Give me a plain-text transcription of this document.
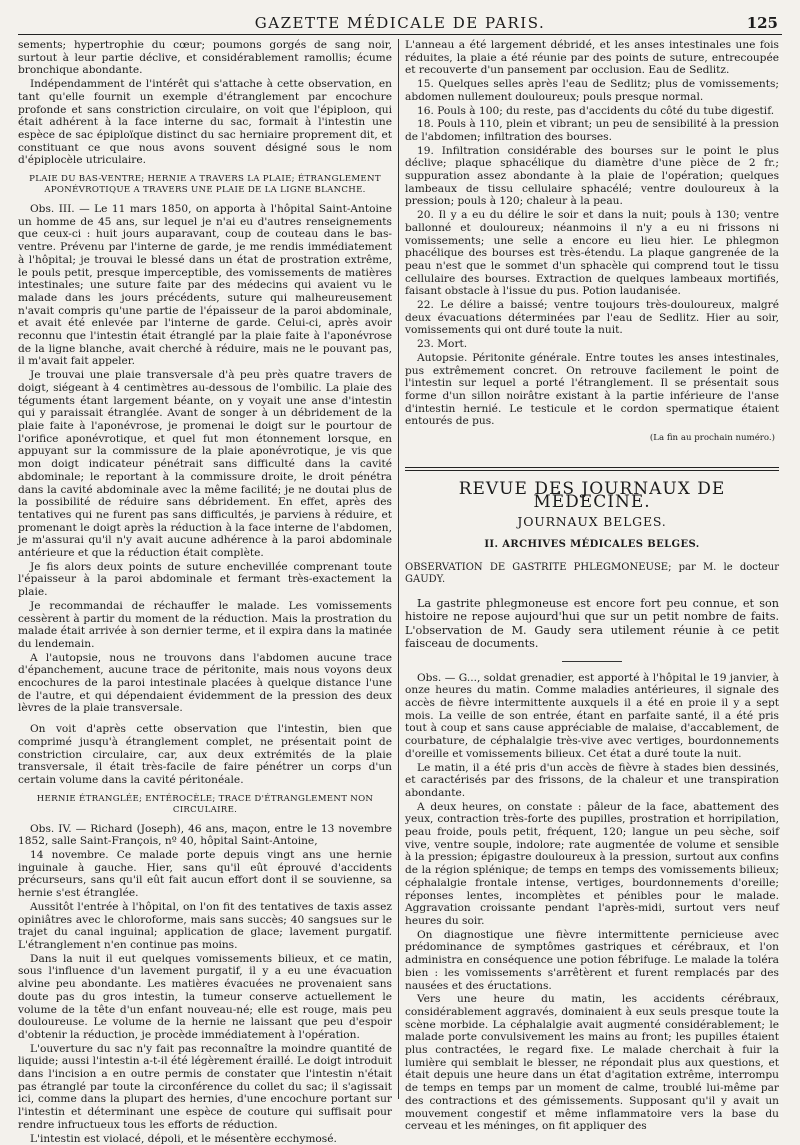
GAZETTE MÉDICALE DE PARIS.	125

sements; hypertrophie du cœur; poumons gorgés de sang noir, surtout à leur partie déclive, et considérablement ramollis; écume bronchique abondante.

Indépendamment de l'intérêt qui s'attache à cette observation, en tant qu'elle fournit un exemple d'étranglement par encochure profonde et sans constriction circulaire, on voit que l'épiploon, qui était adhérent à la face interne du sac, formait à l'intestin une espèce de sac épiploïque distinct du sac herniaire proprement dit, et constituant ce que nous avons souvent désigné sous le nom d'épiplocèle utriculaire.

PLAIE DU BAS-VENTRE; HERNIE A TRAVERS LA PLAIE; ÉTRANGLEMENT APONÉVROTIQUE A TRAVERS UNE PLAIE DE LA LIGNE BLANCHE.

Obs. III. — Le 11 mars 1850, on apporta à l'hôpital Saint-Antoine un homme de 45 ans, sur lequel je n'ai eu d'autres renseignements que ceux-ci : huit jours auparavant, coup de couteau dans le bas-ventre. Prévenu par l'interne de garde, je me rendis immédiatement à l'hôpital; je trouvai le blessé dans un état de prostration extrême, le pouls petit, presque imperceptible, des vomissements de matières intestinales; une suture faite par des médecins qui avaient vu le malade dans les jours précédents, suture qui malheureusement n'avait compris qu'une partie de l'épaisseur de la paroi abdominale, et avait été enlevée par l'interne de garde. Celui-ci, après avoir reconnu que l'intestin était étranglé par la plaie faite à l'aponévrose de la ligne blanche, avait cherché à réduire, mais ne le pouvant pas, il m'avait fait appeler.

Je trouvai une plaie transversale d'à peu près quatre travers de doigt, siégeant à 4 centimètres au-dessous de l'ombilic. La plaie des téguments étant largement béante, on y voyait une anse d'intestin qui y paraissait étranglée. Avant de songer à un débridement de la plaie faite à l'aponévrose, je promenai le doigt sur le pourtour de l'orifice aponévrotique, et quel fut mon étonnement lorsque, en appuyant sur la commissure de la plaie aponévrotique, je vis que mon doigt indicateur pénétrait sans difficulté dans la cavité abdominale; le reportant à la commissure droite, le droit pénétra dans la cavité abdominale avec la même facilité; je ne doutai plus de la possibilité de réduire sans débridement. En effet, après des tentatives qui ne furent pas sans difficultés, je parviens à réduire, et promenant le doigt après la réduction à la face interne de l'abdomen, je m'assurai qu'il n'y avait aucune adhérence à la paroi abdominale antérieure et que la réduction était complète.

Je fis alors deux points de suture enchevillée comprenant toute l'épaisseur à la paroi abdominale et fermant très-exactement la plaie.

Je recommandai de réchauffer le malade. Les vomissements cessèrent à partir du moment de la réduction. Mais la prostration du malade était arrivée à son dernier terme, et il expira dans la matinée du lendemain.

A l'autopsie, nous ne trouvons dans l'abdomen aucune trace d'épanchement, aucune trace de péritonite, mais nous voyons deux encochures de la paroi intestinale placées à quelque distance l'une de l'autre, et qui dépendaient évidemment de la pression des deux lèvres de la plaie transversale.

On voit d'après cette observation que l'intestin, bien que comprimé jusqu'à étranglement complet, ne présentait point de constriction circulaire, car, aux deux extrémités de la plaie transversale, il était très-facile de faire pénétrer un corps d'un certain volume dans la cavité péritonéale.

HERNIE ÉTRANGLÉE; ENTÉROCÈLE; TRACE D'ÉTRANGLEMENT NON CIRCULAIRE.

Obs. IV. — Richard (Joseph), 46 ans, maçon, entre le 13 novembre 1852, salle Saint-François, nº 40, hôpital Saint-Antoine,

14 novembre. Ce malade porte depuis vingt ans une hernie inguinale à gauche. Hier, sans qu'il eût éprouvé d'accidents précurseurs, sans qu'il eût fait aucun effort dont il se souvienne, sa hernie s'est étranglée.

Aussitôt l'entrée à l'hôpital, on l'on fit des tentatives de taxis assez opiniâtres avec le chloroforme, mais sans succès; 40 sangsues sur le trajet du canal inguinal; application de glace; lavement purgatif. L'étranglement n'en continue pas moins.

Dans la nuit il eut quelques vomissements bilieux, et ce matin, sous l'influence d'un lavement purgatif, il y a eu une évacuation alvine peu abondante. Les matières évacuées ne provenaient sans doute pas du gros intestin, la tumeur conserve actuellement le volume de la tête d'un enfant nouveau-né; elle est rouge, mais peu douloureuse. Le volume de la hernie ne laissant que peu d'espoir d'obtenir la réduction, je procède immédiatement à l'opération.

L'ouverture du sac n'y fait pas reconnaître la moindre quantité de liquide; aussi l'intestin a-t-il été légèrement éraillé. Le doigt introduit dans l'incision a en outre permis de constater que l'intestin n'était pas étranglé par toute la circonférence du collet du sac; il s'agissait ici, comme dans la plupart des hernies, d'une encochure portant sur l'intestin et déterminant une espèce de couture qui suffisait pour rendre infructueux tous les efforts de réduction.

L'intestin est violacé, dépoli, et le mésentère ecchymosé.

L'anneau a été largement débridé, et les anses intestinales une fois réduites, la plaie a été réunie par des points de suture, entrecoupée et recouverte d'un pansement par occlusion. Eau de Sedlitz.

15. Quelques selles après l'eau de Sedlitz; plus de vomissements; abdomen nullement douloureux; pouls presque normal.

16. Pouls à 100; du reste, pas d'accidents du côté du tube digestif.

18. Pouls à 110, plein et vibrant; un peu de sensibilité à la pression de l'abdomen; infiltration des bourses.

19. Infiltration considérable des bourses sur le point le plus déclive; plaque sphacélique du diamètre d'une pièce de 2 fr.; suppuration assez abondante à la plaie de l'opération; quelques lambeaux de tissu cellulaire sphacélé; ventre douloureux à la pression; pouls à 120; chaleur à la peau.

20. Il y a eu du délire le soir et dans la nuit; pouls à 130; ventre ballonné et douloureux; néanmoins il n'y a eu ni frissons ni vomissements; une selle a encore eu lieu hier. Le phlegmon phacélique des bourses est très-étendu. La plaque gangrenée de la peau n'est que le sommet d'un sphacèle qui comprend tout le tissu cellulaire des bourses. Extraction de quelques lambeaux mortifiés, faisant obstacle à l'issue du pus. Potion laudanisée.

22. Le délire a baissé; ventre toujours très-douloureux, malgré deux évacuations déterminées par l'eau de Sedlitz. Hier au soir, vomissements qui ont duré toute la nuit.

23. Mort.

Autopsie. Péritonite générale. Entre toutes les anses intestinales, pus extrêmement concret. On retrouve facilement le point de l'intestin sur lequel a porté l'étranglement. Il se présentait sous forme d'un sillon noirâtre existant à la partie inférieure de l'anse d'intestin hernié. Le testicule et le cordon spermatique étaient entourés de pus.

(La fin au prochain numéro.)
REVUE DES JOURNAUX DE MÉDECINE.
JOURNAUX BELGES.
II. ARCHIVES MÉDICALES BELGES.

OBSERVATION DE GASTRITE PHLEGMONEUSE; par M. le docteur GAUDY.

La gastrite phlegmoneuse est encore fort peu connue, et son histoire ne repose aujourd'hui que sur un petit nombre de faits. L'observation de M. Gaudy sera utilement réunie à ce petit faisceau de documents.

Obs. — G..., soldat grenadier, est apporté à l'hôpital le 19 janvier, à onze heures du matin. Comme maladies antérieures, il signale des accès de fièvre intermittente auxquels il a été en proie il y a sept mois. La veille de son entrée, étant en parfaite santé, il a été pris tout à coup et sans cause appréciable de malaise, d'accablement, de courbature, de céphalalgie très-vive avec vertiges, bourdonnements d'oreille et vomissements bilieux. Cet état a duré toute la nuit.

Le matin, il a été pris d'un accès de fièvre à stades bien dessinés, et caractérisés par des frissons, de la chaleur et une transpiration abondante.

A deux heures, on constate : pâleur de la face, abattement des yeux, contraction très-forte des pupilles, prostration et horripilation, peau froide, pouls petit, fréquent, 120; langue un peu sèche, soif vive, ventre souple, indolore; rate augmentée de volume et sensible à la pression; épigastre douloureux à la pression, surtout aux confins de la région splénique; de temps en temps des vomissements bilieux; céphalalgie frontale intense, vertiges, bourdonnements d'oreille; réponses lentes, incomplètes et pénibles pour le malade. Aggravation croissante pendant l'après-midi, surtout vers neuf heures du soir.

On diagnostique une fièvre intermittente pernicieuse avec prédominance de symptômes gastriques et cérébraux, et l'on administra en conséquence une potion fébrifuge. Le malade la toléra bien : les vomissements s'arrêtèrent et furent remplacés par des nausées et des éructations.

Vers une heure du matin, les accidents cérébraux, considérablement aggravés, dominaient à eux seuls presque toute la scène morbide. La céphalalgie avait augmenté considérablement; le malade porte convulsivement les mains au front; les pupilles étaient plus contractées, le regard fixe. Le malade cherchait à fuir la lumière qui semblait le blesser, ne répondait plus aux questions, et était depuis une heure dans un état d'agitation extrême, interrompu de temps en temps par un moment de calme, troublé lui-même par des contractions et des gémissements. Supposant qu'il y avait un mouvement congestif et même inflammatoire vers la base du cerveau et les méninges, on fit appliquer des
